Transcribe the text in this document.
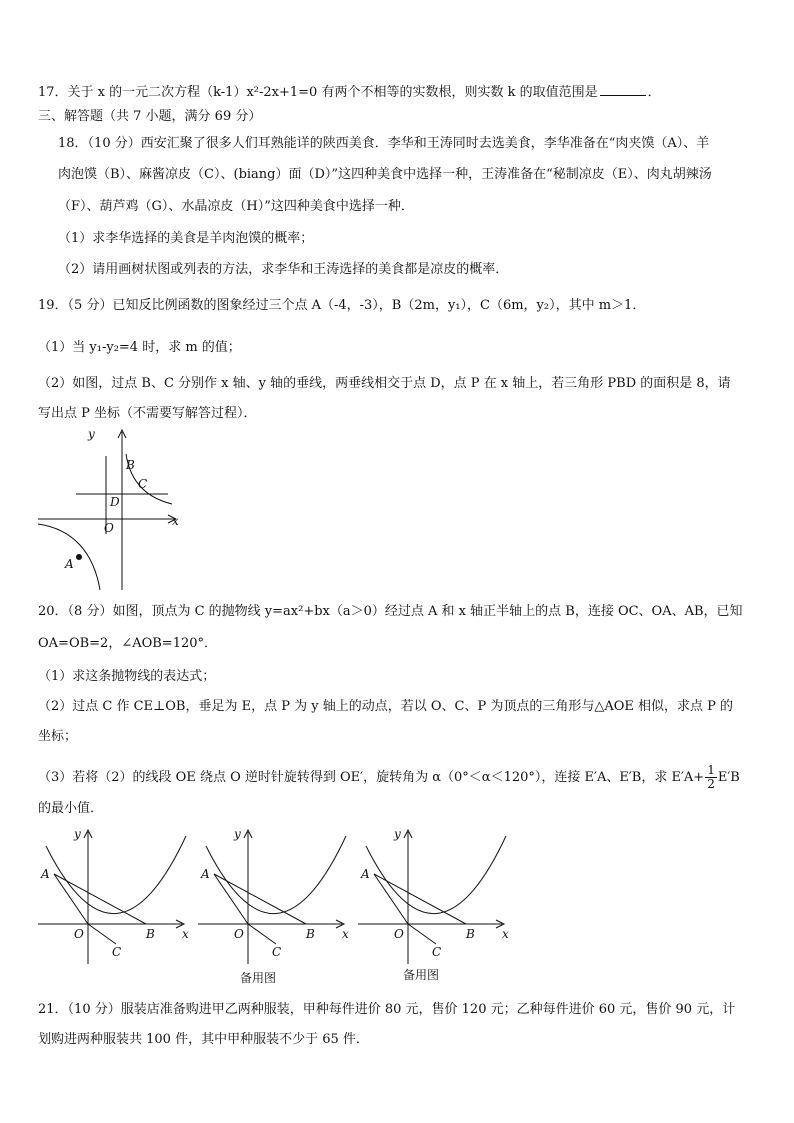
17．关于 x 的一元二次方程（k-1）x²-2x+1=0 有两个不相等的实数根，则实数 k 的取值范围是	．
三、解答题（共 7 小题，满分 69 分）
18．（10 分）西安汇聚了很多人们耳熟能详的陕西美食．李华和王涛同时去选美食，李华准备在“肉夹馍（A）、羊
肉泡馍（B）、麻酱凉皮（C）、(biang）面（D）”这四种美食中选择一种，王涛准备在“秘制凉皮（E）、肉丸胡辣汤
（F）、葫芦鸡（G）、水晶凉皮（H）”这四种美食中选择一种．
（1）求李华选择的美食是羊肉泡馍的概率；
（2）请用画树状图或列表的方法，求李华和王涛选择的美食都是凉皮的概率．
19．（5 分）已知反比例函数的图象经过三个点 A（-4，-3），B（2m，y₁），C（6m，y₂），其中 m＞1．
（1）当 y₁-y₂=4 时，求 m 的值；
（2）如图，过点 B、C 分别作 x 轴、y 轴的垂线，两垂线相交于点 D，点 P 在 x 轴上，若三角形 PBD 的面积是 8，请
写出点 P 坐标（不需要写解答过程）．
y
x
O
B
C
D
A
20．（8 分）如图，顶点为 C 的抛物线 y=ax²+bx（a＞0）经过点 A 和 x 轴正半轴上的点 B，连接 OC、OA、AB，已知
OA=OB=2，∠AOB=120°．
（1）求这条抛物线的表达式；
（2）过点 C 作 CE⊥OB，垂足为 E，点 P 为 y 轴上的动点，若以 O、C、P 为顶点的三角形与△AOE 相似，求点 P 的
坐标；
（3）若将（2）的线段 OE 绕点 O 逆时针旋转得到 OE′，旋转角为 α（0°＜α＜120°），连接 E′A、E′B，求 $E'A+ \frac{1}{2} E'B$
的最小值．
y
x
A
O	B
C
y
x
A
O	B
C
y
x
A
O	B
C
备用图	备用图
21．（10 分）服装店准备购进甲乙两种服装，甲种每件进价 80 元，售价 120 元；乙种每件进价 60 元，售价 90 元，计
划购进两种服装共 100 件，其中甲种服装不少于 65 件．
